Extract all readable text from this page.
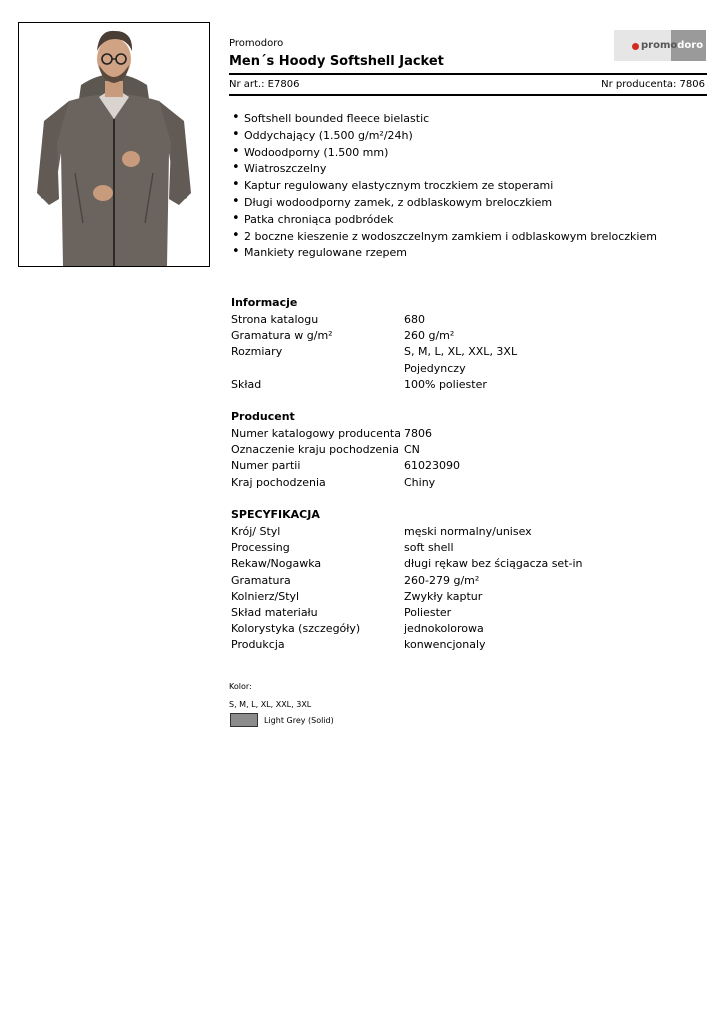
Promodoro
Men´s Hoody Softshell Jacket
promodoro
Nr art.: E7806	Nr producenta: 7806
• Softshell bounded fleece bielastic
• Oddychający (1.500 g/m²/24h)
• Wodoodporny (1.500 mm)
• Wiatroszczelny
• Kaptur regulowany elastycznym troczkiem ze stoperami
• Długi wodoodporny zamek, z odblaskowym breloczkiem
• Patka chroniąca podbródek
• 2 boczne kieszenie z wodoszczelnym zamkiem i odblaskowym breloczkiem
• Mankiety regulowane rzepem
Informacje
Strona katalogu	680
Gramatura w g/m²	260 g/m²
Rozmiary	S, M, L, XL, XXL, 3XL
Pojedynczy
Skład	100% poliester
Producent
Numer katalogowy producenta 7806
Oznaczenie kraju pochodzenia CN
Numer partii	61023090
Kraj pochodzenia	Chiny
SPECYFIKACJA
Krój/ Styl	męski normalny/unisex
Processing	soft shell
Rekaw/Nogawka	długi rękaw bez ściągacza set-in
Gramatura	260-279 g/m²
Kolnierz/Styl	Zwykły kaptur
Skład materiału	Poliester
Kolorystyka (szczegóły)	jednokolorowa
Produkcja	konwencjonaly
Kolor:
S, M, L, XL, XXL, 3XL
Light Grey (Solid)
